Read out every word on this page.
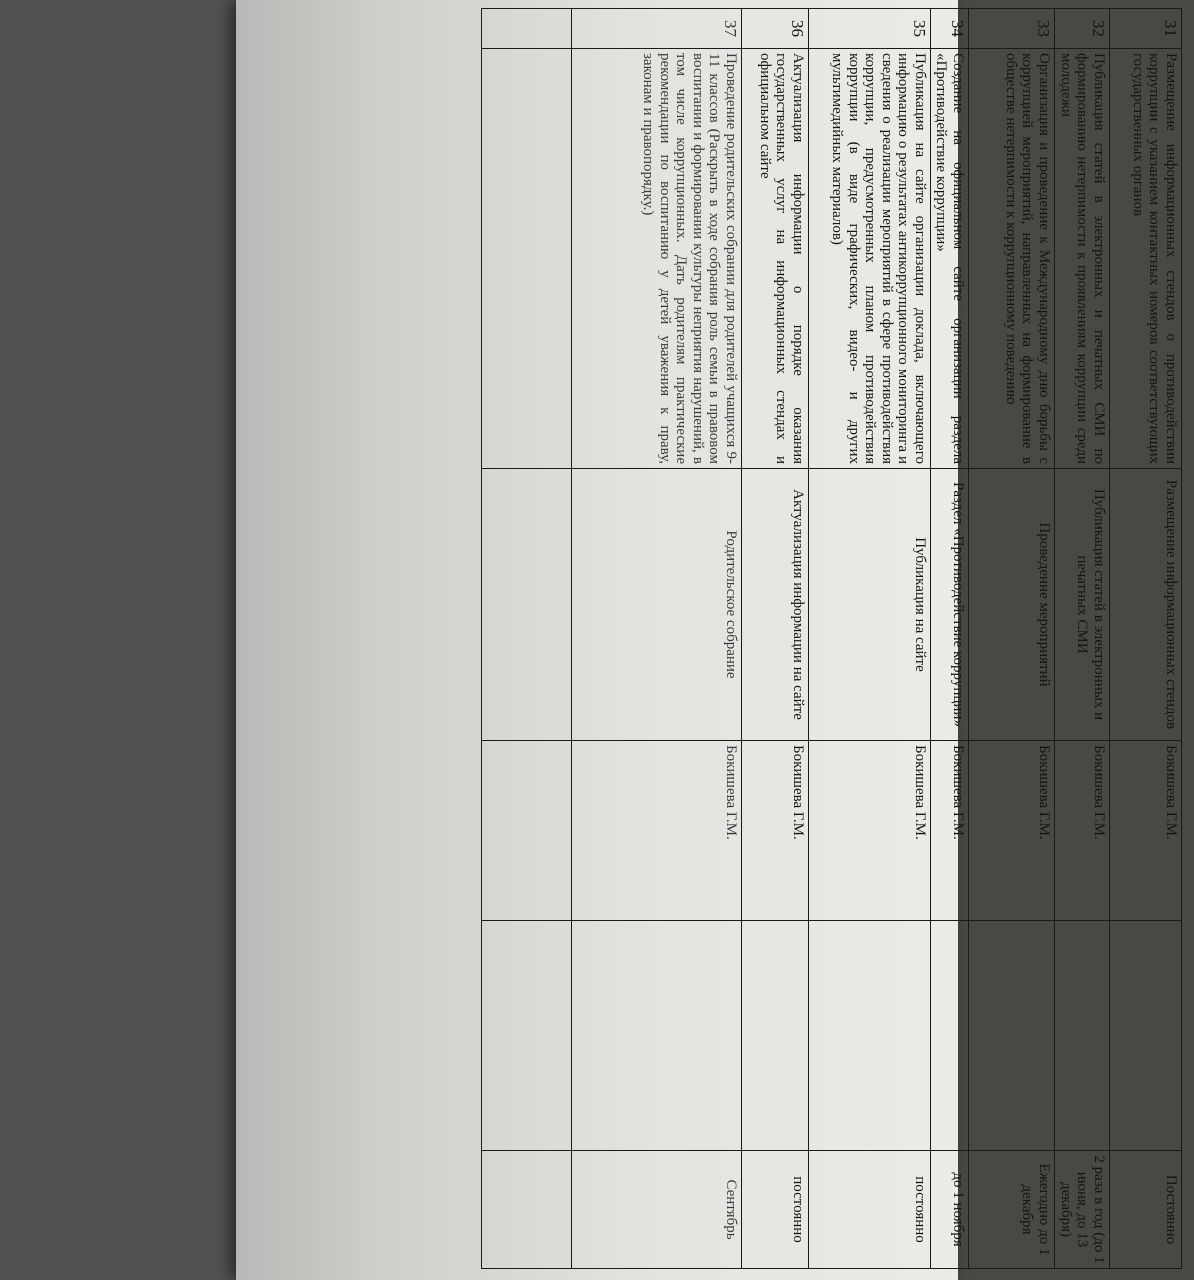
31	Размещение информационных стендов о противодействии коррупции с указанием контактных номеров соответствующих государственных органов	Размещение информационных стендов	Бокишева Г.М.		Постоянно
32	Публикация статей в электронных и печатных СМИ по формированию нетерпимости к проявлениям коррупции среди молодежи	Публикация статей в электронных и печатных СМИ	Бокишева Г.М.		2 раза в год (до 1 июня, до 13 декабря)
33	Организация и проведение к Международному дню борьбы с коррупцией мероприятий, направленных на формирование в обществе нетерпимости к коррупционному поведению	Проведение мероприятий	Бокишева Г.М.		Ежегодно до 1 декабря
34	Создание на официальном сайте организации раздела «Противодействие коррупции»	Раздел «Противодействие коррупции»	Бокишева Г.М.		до 1 ноября
35	Публикация на сайте организации доклада, включающего информацию о результатах антикоррупционного мониторинга и сведения о реализации мероприятий в сфере противодействия коррупции, предусмотренных планом противодействия коррупции (в виде графических, видео- и других мультимедийных материалов)	Публикация на сайте	Бокишева Г.М.		постоянно
36	Актуализация информации о порядке оказания государственных услуг на информационных стендах и официальном сайте	Актуализация информации на сайте	Бокишева Г.М.		постоянно
37	Проведение родительских собрании для родителей учащихся 9-11 классов (Раскрыть в ходе собрания роль семьи в правовом воспитании и формировании культуры неприятия нарушений, в том числе коррупционных. Дать родителям практические рекомендации по воспитанию у детей уважения к праву, законам и правопорядку.)	Родительское собрание	Бокишева Г.М.		Сентябрь
